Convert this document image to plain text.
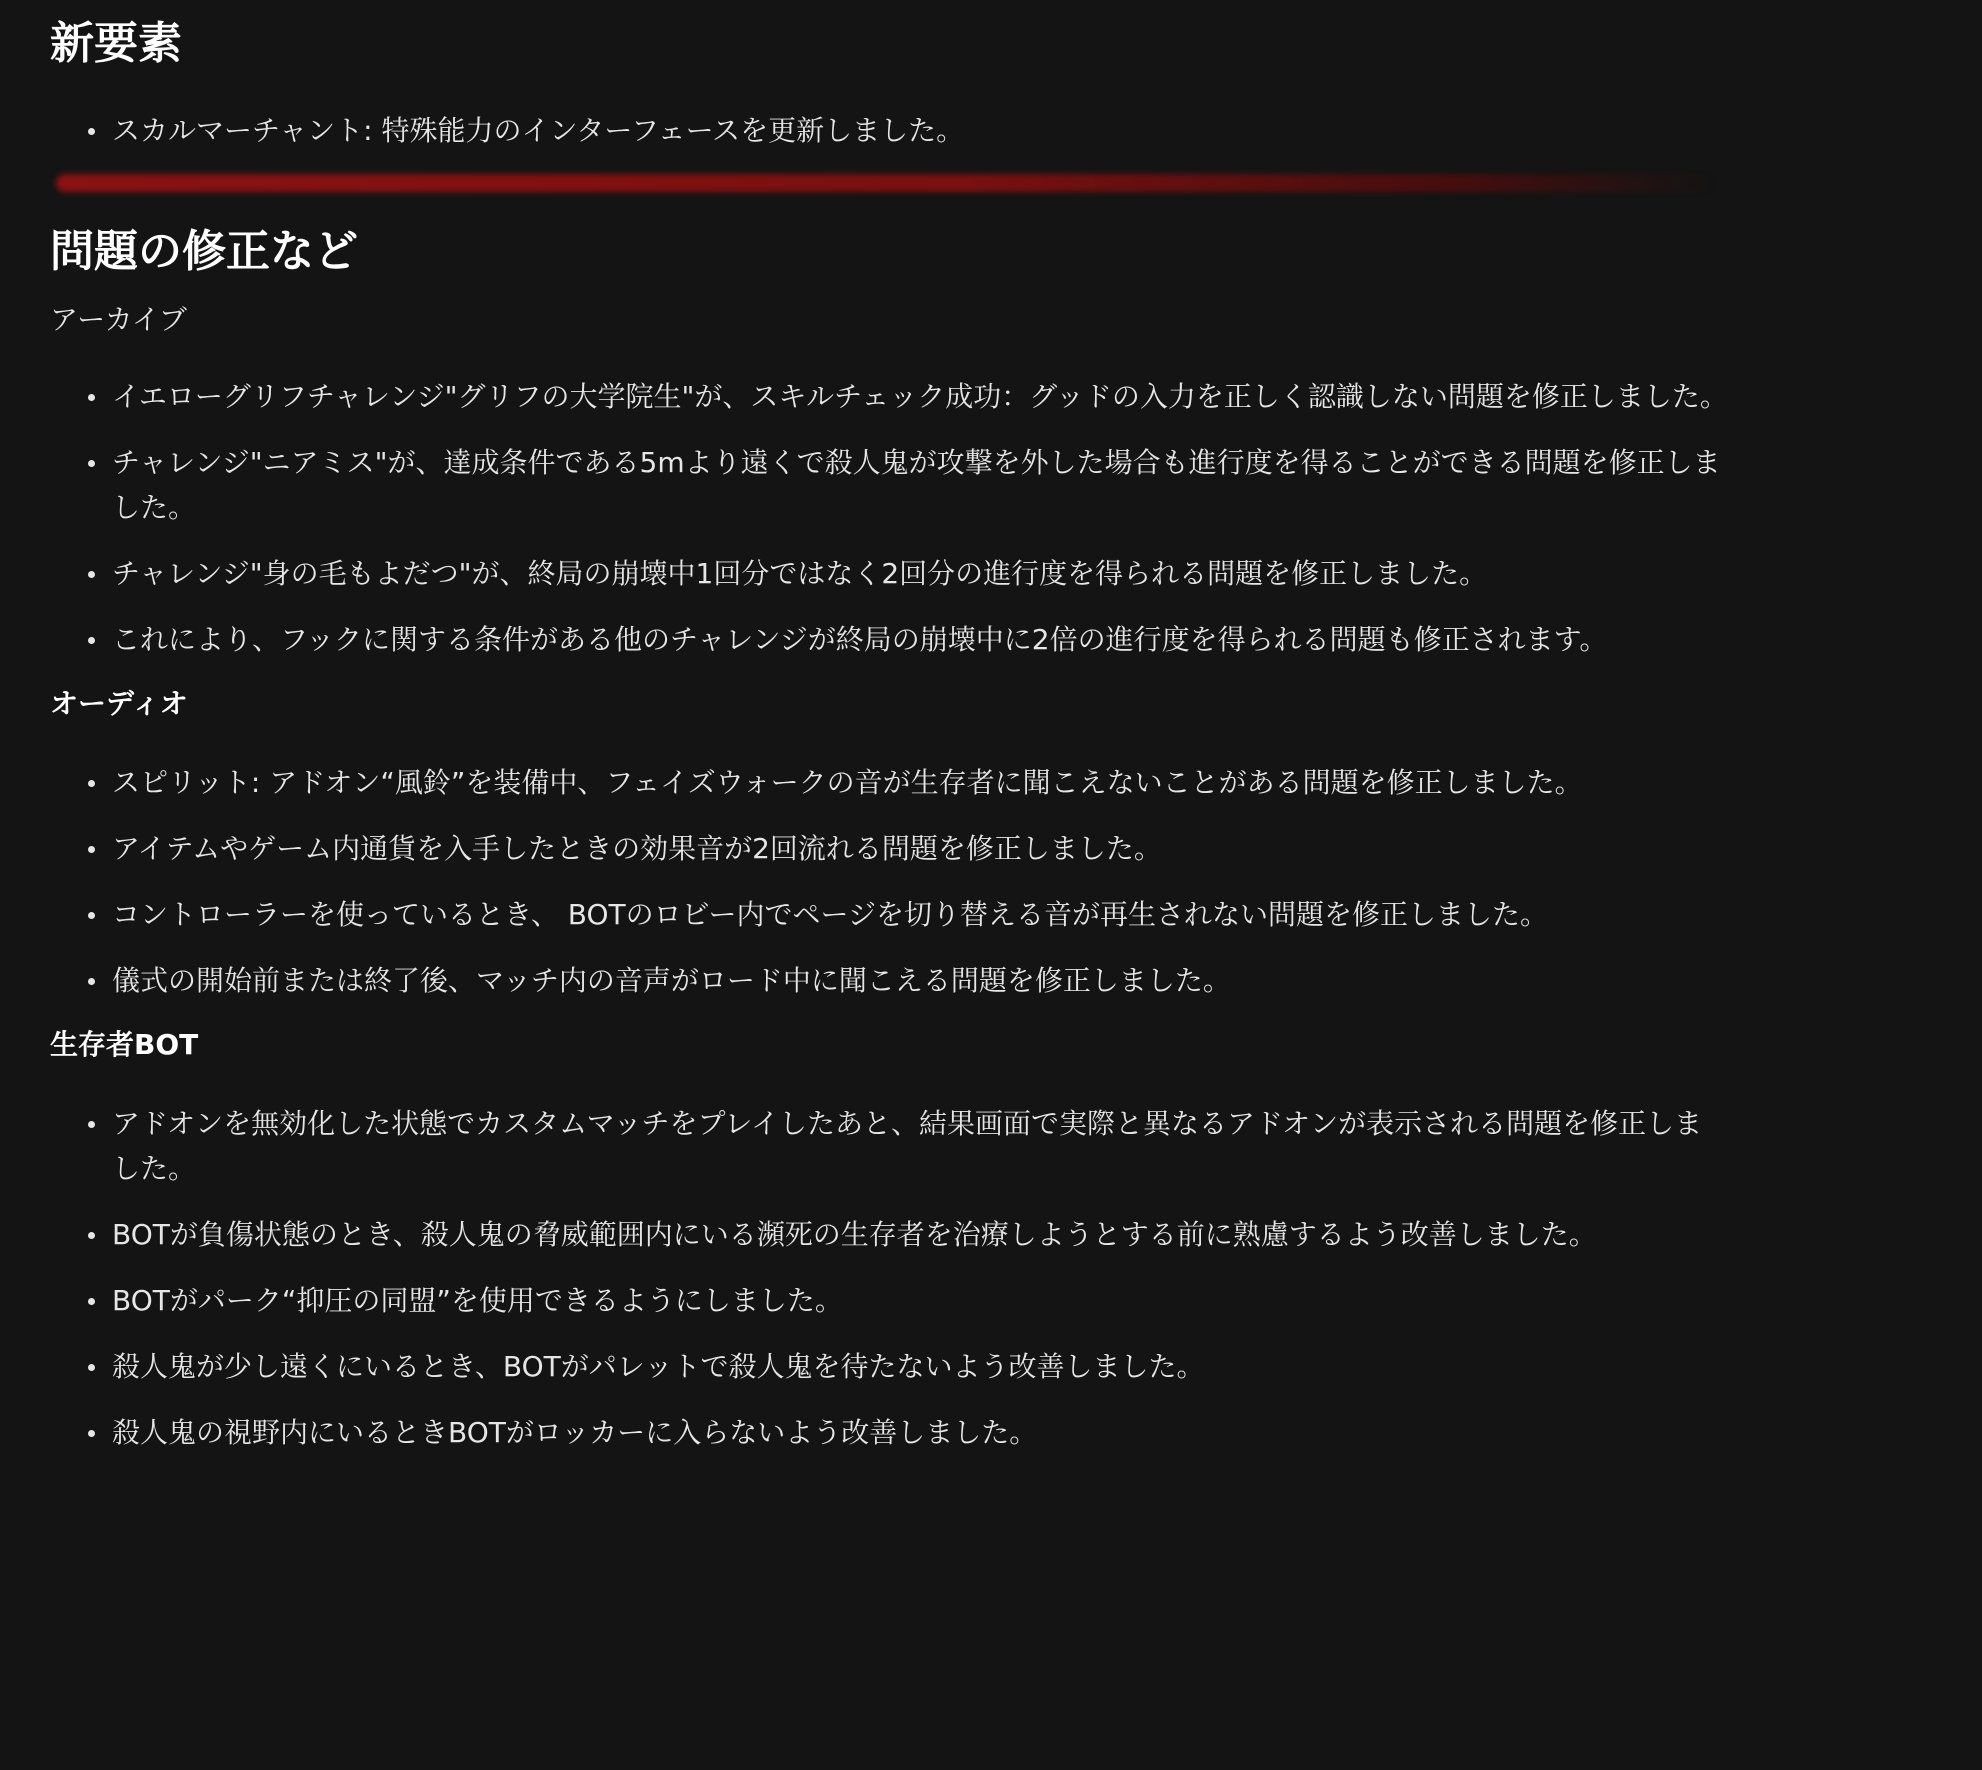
新要素
スカルマーチャント: 特殊能力のインターフェースを更新しました。
問題の修正など

アーカイブ

イエローグリフチャレンジ"グリフの大学院生"が、スキルチェック成功：グッドの入力を正しく認識しない問題を修正しました。
チャレンジ"ニアミス"が、達成条件である5mより遠くで殺人鬼が攻撃を外した場合も進行度を得ることができる問題を修正しました。
チャレンジ"身の毛もよだつ"が、終局の崩壊中1回分ではなく2回分の進行度を得られる問題を修正しました。
これにより、フックに関する条件がある他のチャレンジが終局の崩壊中に2倍の進行度を得られる問題も修正されます。
オーディオ
スピリット: アドオン“風鈴”を装備中、フェイズウォークの音が生存者に聞こえないことがある問題を修正しました。
アイテムやゲーム内通貨を入手したときの効果音が2回流れる問題を修正しました。
コントローラーを使っているとき、 BOTのロビー内でページを切り替える音が再生されない問題を修正しました。
儀式の開始前または終了後、マッチ内の音声がロード中に聞こえる問題を修正しました。
生存者BOT
アドオンを無効化した状態でカスタムマッチをプレイしたあと、結果画面で実際と異なるアドオンが表示される問題を修正しました。
BOTが負傷状態のとき、殺人鬼の脅威範囲内にいる瀕死の生存者を治療しようとする前に熟慮するよう改善しました。
BOTがパーク“抑圧の同盟”を使用できるようにしました。
殺人鬼が少し遠くにいるとき、BOTがパレットで殺人鬼を待たないよう改善しました。
殺人鬼の視野内にいるときBOTがロッカーに入らないよう改善しました。
